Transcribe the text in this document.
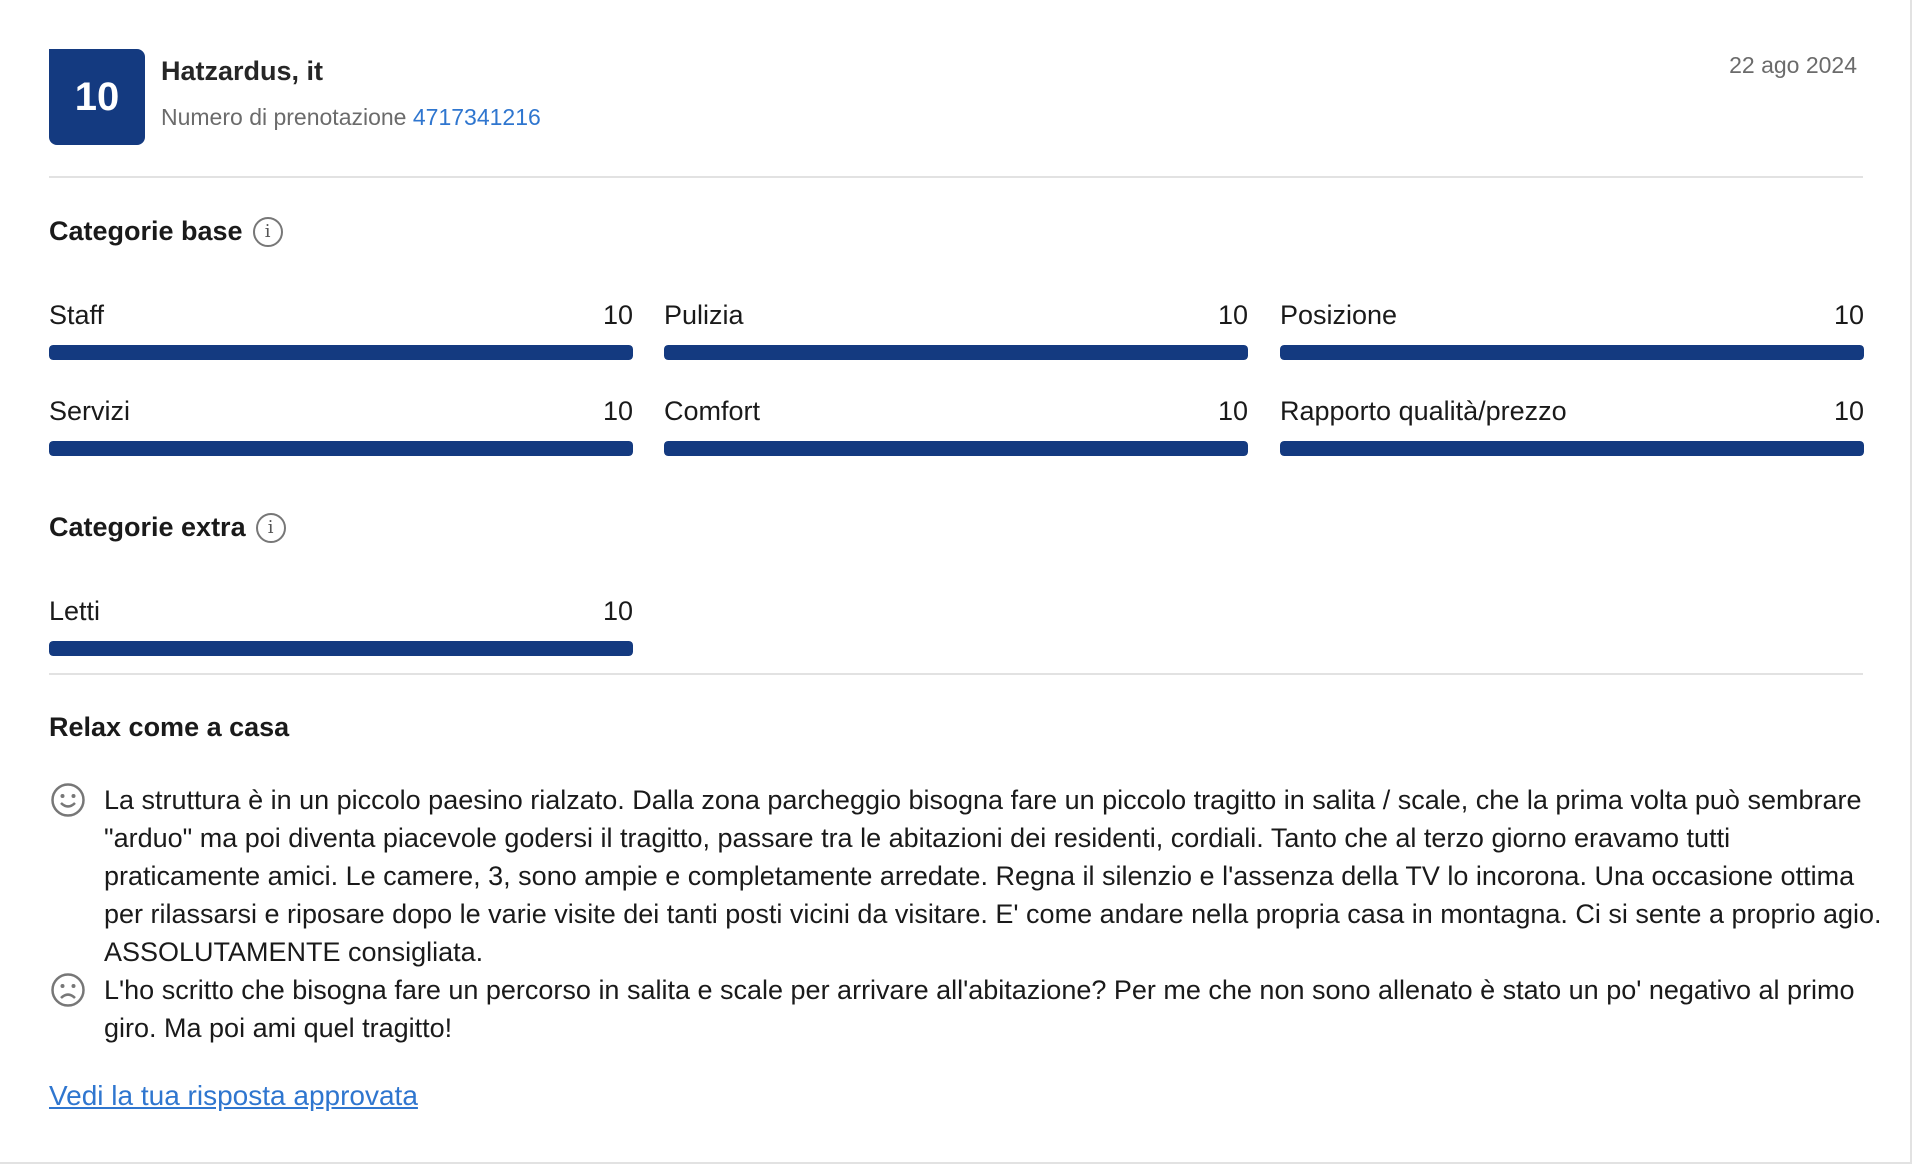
10
Hatzardus, it
Numero di prenotazione 4717341216
22 ago 2024
Categorie base	i
Staff	10 Pulizia	10 Posizione	10
Servizi	10 Comfort	10 Rapporto qualità/prezzo	10
Categorie extra	i
Letti	10
Relax come a casa
La struttura è in un piccolo paesino rialzato. Dalla zona parcheggio bisogna fare un piccolo tragitto in salita / scale, che la prima volta può sembrare "arduo" ma poi diventa piacevole godersi il tragitto, passare tra le abitazioni dei residenti, cordiali. Tanto che al terzo giorno eravamo tutti praticamente amici. Le camere, 3, sono ampie e completamente arredate. Regna il silenzio e l'assenza della TV lo incorona. Una occasione ottima per rilassarsi e riposare dopo le varie visite dei tanti posti vicini da visitare. E' come andare nella propria casa in montagna. Ci si sente a proprio agio. ASSOLUTAMENTE consigliata.
L'ho scritto che bisogna fare un percorso in salita e scale per arrivare all'abitazione? Per me che non sono allenato è stato un po' negativo al primo giro. Ma poi ami quel tragitto!
Vedi la tua risposta approvata
